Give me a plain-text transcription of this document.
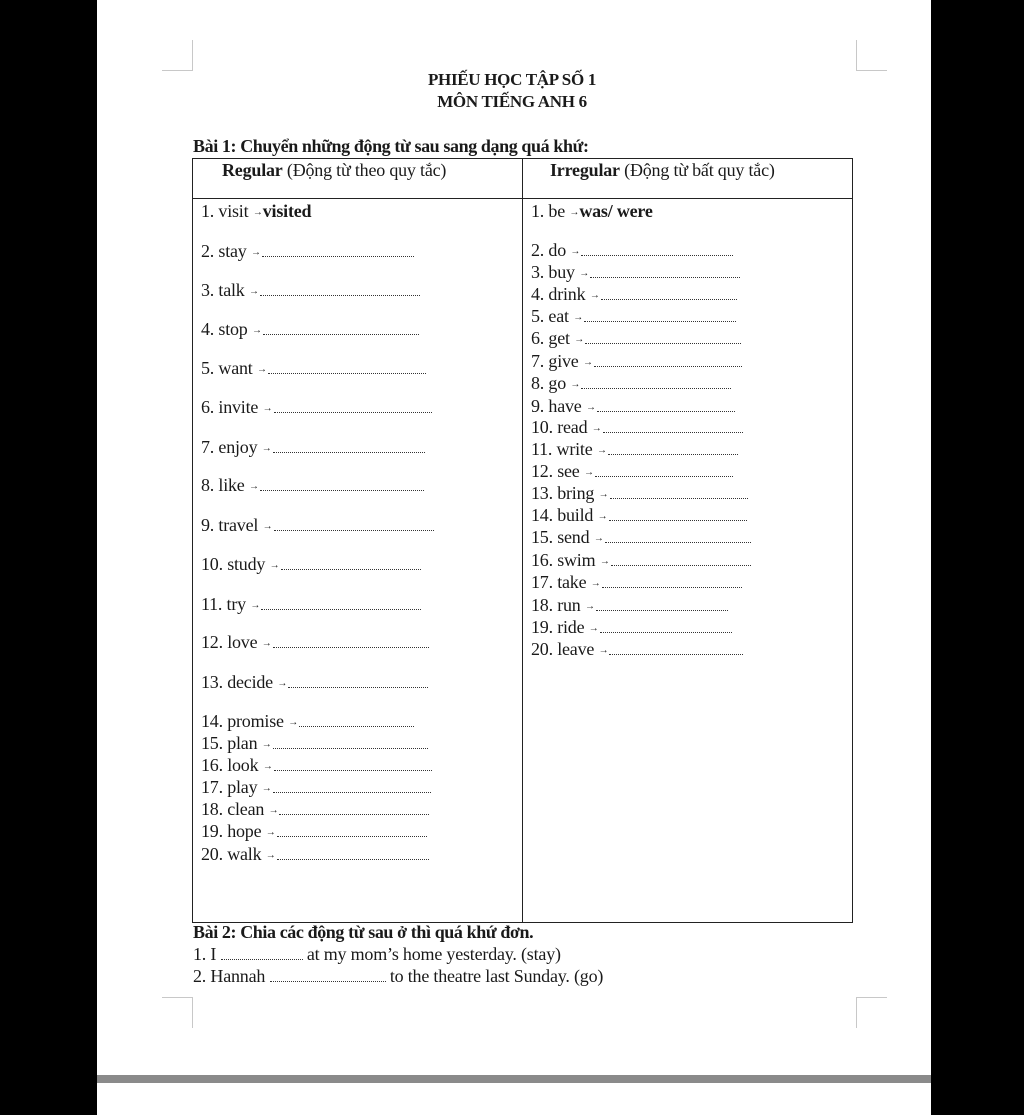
PHIẾU HỌC TẬP SỐ 1
MÔN TIẾNG ANH 6
Bài 1: Chuyển những động từ sau sang dạng quá khứ:
Regular (Động từ theo quy tắc)	Irregular (Động từ bất quy tắc)
1. visit →visited
2. stay →
3. talk →
4. stop →
5. want →
6. invite →
7. enjoy →
8. like →
9. travel →
10. study →
11. try →
12. love →
13. decide →
14. promise →
15. plan →
16. look →
17. play →
18. clean →
19. hope →
20. walk →
1. be →was/ were
2. do →
3. buy →
4. drink →
5. eat →
6. get →
7. give →
8. go →
9. have →
10. read →
11. write →
12. see →
13. bring →
14. build →
15. send →
16. swim →
17. take →
18. run →
19. ride →
20. leave →
Bài 2: Chia các động từ sau ở thì quá khứ đơn.
1. I	at my mom’s home yesterday. (stay)
2. Hannah	to the theatre last Sunday. (go)
